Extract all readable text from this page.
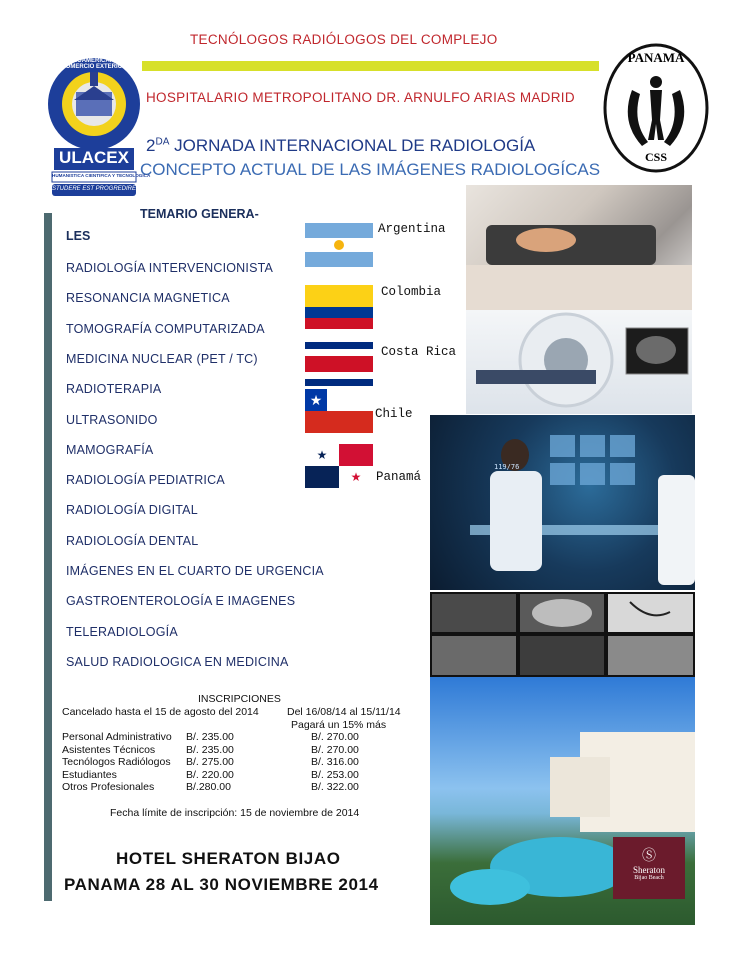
TECNÓLOGOS RADIÓLOGOS DEL COMPLEJO
HOSPITALARIO METROPOLITANO DR. ARNULFO ARIAS MADRID
$2^{DA}$ JORNADA INTERNACIONAL DE RADIOLOGÍA
CONCEPTO ACTUAL DE LAS IMÁGENES RADIOLOGÍCAS
UNIVERSIDAD LATINOAMERICANA DE COMERCIO EXTERIOR
ULACEX
HUMANISTICA CIENTIFICA Y TECNOLOGICA
STUDERE EST PROGREDIRE
PANAMA
CSS
TEMARIO GENERA-
LES
RADIOLOGÍA INTERVENCIONISTA
RESONANCIA MAGNETICA
TOMOGRAFÍA COMPUTARIZADA
MEDICINA NUCLEAR (PET / TC)
RADIOTERAPIA
ULTRASONIDO
MAMOGRAFÍA
RADIOLOGÍA PEDIATRICA
RADIOLOGÍA DIGITAL
RADIOLOGÍA DENTAL
IMÁGENES EN EL CUARTO DE URGENCIA
GASTROENTEROLOGÍA E IMAGENES
TELERADIOLOGÍA
SALUD RADIOLOGICA EN MEDICINA
Argentina
Colombia
Costa Rica
★
Chile
★
★	Panamá
119/76
Ⓢ
Sheraton
Bijao Beach
INSCRIPCIONES
Cancelado hasta el 15 de agosto del 2014	Del 16/08/14 al 15/11/14
Pagará un 15% más
Personal Administrativo B/. 235.00	B/. 270.00
Asistentes Técnicos	B/. 235.00	B/. 270.00
Tecnólogos Radiólogos B/. 275.00	B/. 316.00
Estudiantes	B/. 220.00	B/. 253.00
Otros Profesionales	B/.280.00	B/. 322.00
Fecha límite de inscripción: 15 de noviembre de 2014
HOTEL SHERATON BIJAO
PANAMA 28 AL 30 NOVIEMBRE 2014
